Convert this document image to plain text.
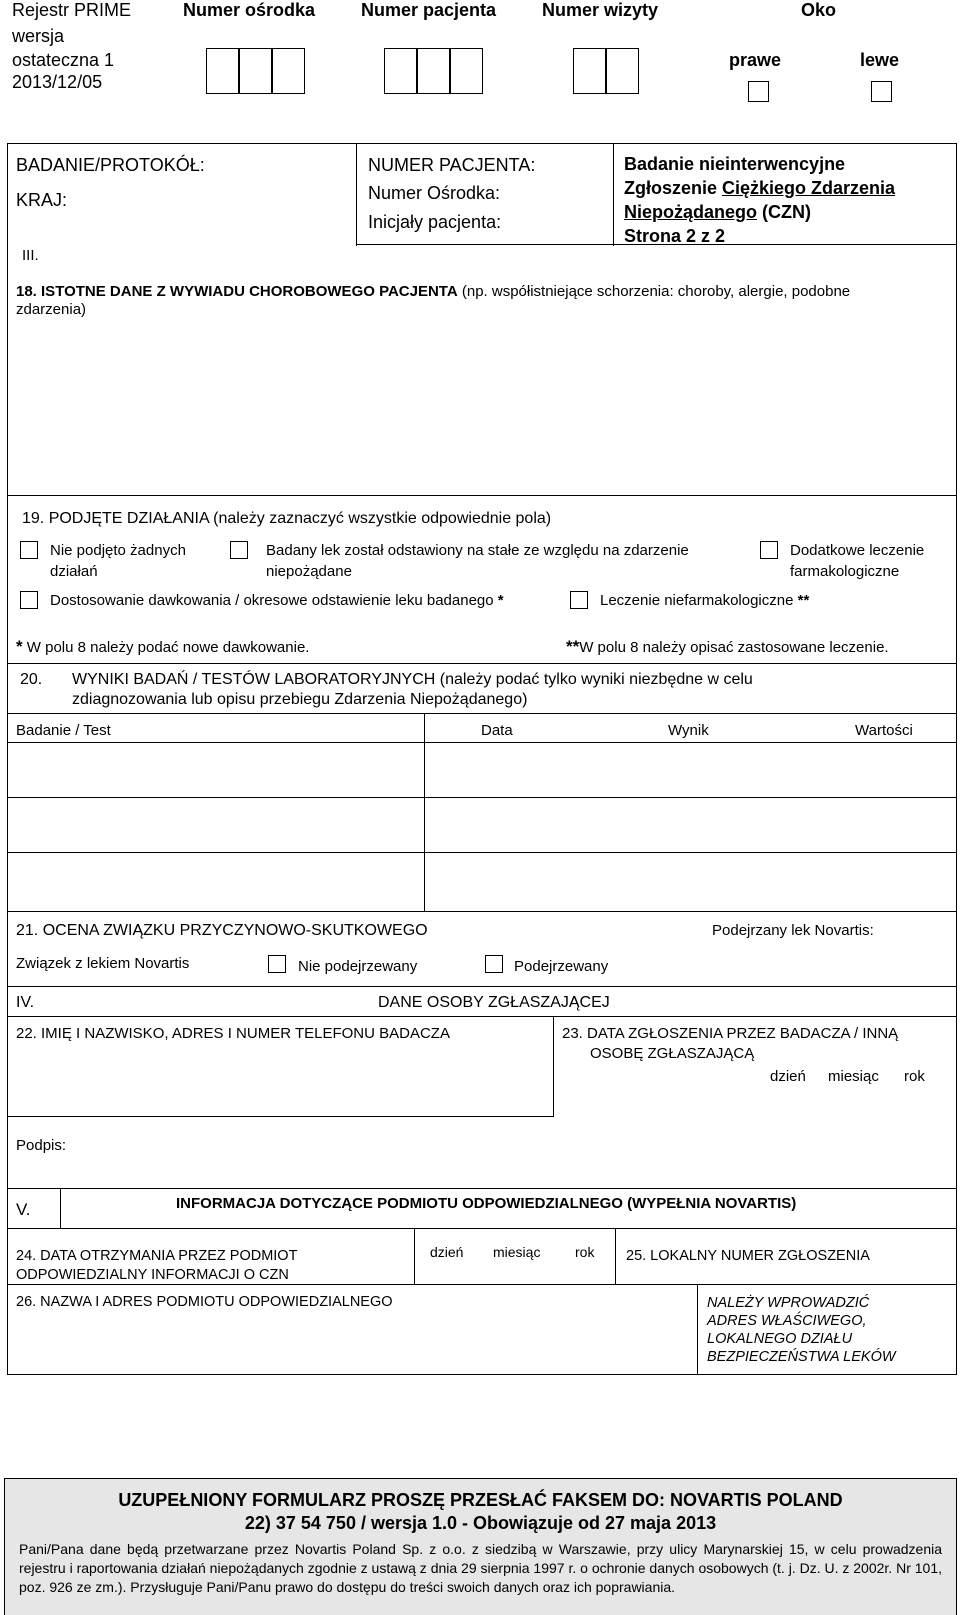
Rejestr PRIME	Numer ośrodka	Numer pacjenta	Numer wizyty	Oko
wersja
ostateczna 1
2013/12/05
prawe	lewe
BADANIE/PROTOKÓŁ:
KRAJ:
NUMER PACJENTA:
Numer Ośrodka:
Inicjały pacjenta:
Badanie nieinterwencyjne
Zgłoszenie Ciężkiego Zdarzenia
Niepożądanego (CZN)
Strona 2 z 2
III.
18. ISTOTNE DANE Z WYWIADU CHOROBOWEGO PACJENTA (np. współistniejące schorzenia: choroby, alergie, podobne
zdarzenia)
19. PODJĘTE DZIAŁANIA (należy zaznaczyć wszystkie odpowiednie pola)
Nie podjęto żadnych
działań
Badany lek został odstawiony na stałe ze względu na zdarzenie
niepożądane
Dodatkowe leczenie
farmakologiczne
Dostosowanie dawkowania / okresowe odstawienie leku badanego *	Leczenie niefarmakologiczne **
* W polu 8 należy podać nowe dawkowanie.	**W polu 8 należy opisać zastosowane leczenie.
20. WYNIKI BADAŃ / TESTÓW LABORATORYJNYCH (należy podać tylko wyniki niezbędne w celu
zdiagnozowania lub opisu przebiegu Zdarzenia Niepożądanego)
Badanie / Test	Data	Wynik	Wartości
21. OCENA ZWIĄZKU PRZYCZYNOWO-SKUTKOWEGO	Podejrzany lek Novartis:
Związek z lekiem Novartis	Nie podejrzewany	Podejrzewany
IV.	DANE OSOBY ZGŁASZAJĄCEJ
22. IMIĘ I NAZWISKO, ADRES I NUMER TELEFONU BADACZA	23. DATA ZGŁOSZENIA PRZEZ BADACZA / INNĄ
OSOBĘ ZGŁASZAJĄCĄ
dzień miesiąc rok
Podpis:
V.	INFORMACJA DOTYCZĄCE PODMIOTU ODPOWIEDZIALNEGO (WYPEŁNIA NOVARTIS)
24. DATA OTRZYMANIA PRZEZ PODMIOT
ODPOWIEDZIALNY INFORMACJI O CZN
dzień miesiąc rok 25. LOKALNY NUMER ZGŁOSZENIA
26. NAZWA I ADRES PODMIOTU ODPOWIEDZIALNEGO	NALEŻY WPROWADZIĆ
ADRES WŁAŚCIWEGO,
LOKALNEGO DZIAŁU
BEZPIECZEŃSTWA LEKÓW
UZUPEŁNIONY FORMULARZ PROSZĘ PRZESŁAĆ FAKSEM DO: NOVARTIS POLAND
22) 37 54 750 / wersja 1.0 - Obowiązuje od 27 maja 2013
Pani/Pana dane będą przetwarzane przez Novartis Poland Sp. z o.o. z siedzibą w Warszawie, przy ulicy Marynarskiej 15, w celu prowadzenia rejestru i raportowania działań niepożądanych zgodnie z ustawą z dnia 29 sierpnia 1997 r. o ochronie danych osobowych (t. j. Dz. U. z 2002r. Nr 101, poz. 926 ze zm.). Przysługuje Pani/Panu prawo do dostępu do treści swoich danych oraz ich poprawiania.
